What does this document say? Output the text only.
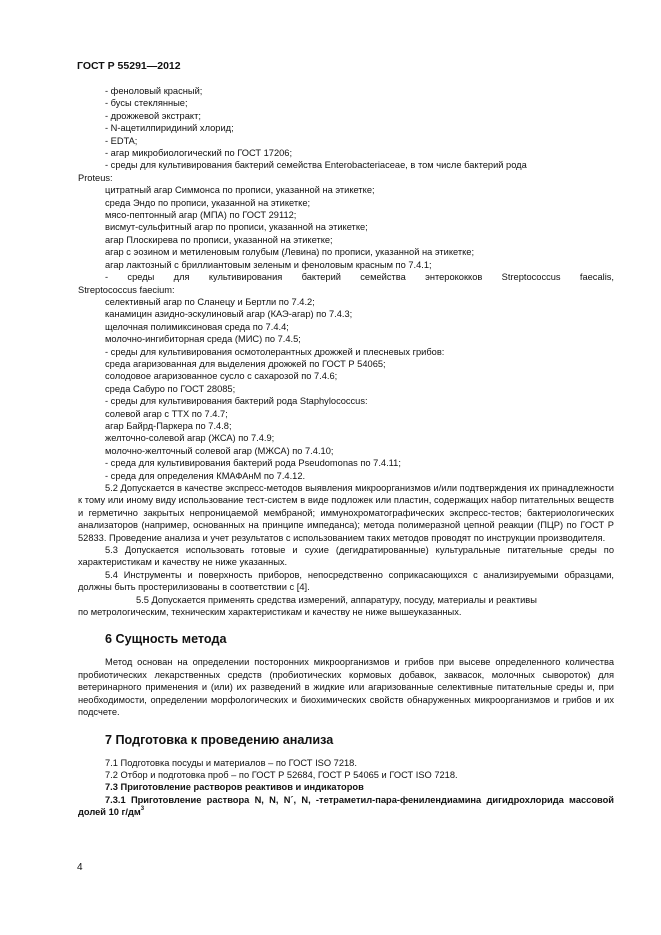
ГОСТ Р 55291—2012
- феноловый красный;
- бусы стеклянные;
- дрожжевой экстракт;
- N-ацетилпиридиний хлорид;
- EDTA;
- агар микробиологический по ГОСТ 17206;
- среды для культивирования бактерий семейства Enterobacteriaceae, в том числе бактерий рода
Proteus:
цитратный агар Симмонса по прописи, указанной на этикетке;
среда Эндо по прописи, указанной на этикетке;
мясо-пептонный агар (МПА) по ГОСТ 29112;
висмут-сульфитный агар по прописи, указанной на этикетке;
агар Плоскирева по прописи, указанной на этикетке;
агар с эозином и метиленовым голубым (Левина) по прописи, указанной на этикетке;
агар лактозный с бриллиантовым зеленым и феноловым красным по 7.4.1;
- среды для культивирования бактерий семейства энтерококков Streptococcus faecalis,
Streptococcus faecium:
селективный агар по Сланецу и Бертли по 7.4.2;
канамицин азидно-эскулиновый агар (КАЭ-агар) по 7.4.3;
щелочная полимиксиновая среда по 7.4.4;
молочно-ингибиторная среда (МИС) по 7.4.5;
- среды для культивирования осмотолерантных дрожжей и плесневых грибов:
среда агаризованная для выделения дрожжей по ГОСТ Р 54065;
солодовое агаризованное сусло с сахарозой по 7.4.6;
среда Сабуро по ГОСТ 28085;
- среды для культивирования бактерий рода Staphylococcus:
солевой агар с ТТХ по 7.4.7;
агар Байрд-Паркера по 7.4.8;
желточно-солевой агар (ЖСА) по 7.4.9;
молочно-желточный солевой агар (МЖСА) по 7.4.10;
- среда для культивирования бактерий рода Pseudomonas по 7.4.11;
- среда для определения КМАФАнМ по 7.4.12.
5.2 Допускается в качестве экспресс-методов выявления микроорганизмов и/или подтверждения их принадлежности к тому или иному виду использование тест-систем в виде подложек или пластин, содержащих набор питательных веществ и герметично закрытых непроницаемой мембраной; иммунохроматографических экспресс-тестов; бактериологических анализаторов (например, основанных на принципе импеданса); метода полимеразной цепной реакции (ПЦР) по ГОСТ Р 52833. Проведение анализа и учет результатов с использованием таких методов проводят по инструкции производителя.
5.3 Допускается использовать готовые и сухие (дегидратированные) культуральные питательные среды по характеристикам и качеству не ниже указанных.
5.4 Инструменты и поверхность приборов, непосредственно соприкасающихся с анализируемыми образцами, должны быть простерилизованы в соответствии с [4].
5.5 Допускается применять средства измерений, аппаратуру, посуду, материалы и реактивы
по метрологическим, техническим характеристикам и качеству не ниже вышеуказанных.
6 Сущность метода
Метод основан на определении посторонних микроорганизмов и грибов при высеве определенного количества пробиотических лекарственных средств (пробиотических кормовых добавок, заквасок, молочных сывороток) для ветеринарного применения и (или) их разведений в жидкие или агаризованные селективные питательные среды и, при необходимости, определении морфологических и биохимических свойств обнаруженных микроорганизмов и грибов и их подсчете.
7 Подготовка к проведению анализа
7.1 Подготовка посуды и материалов – по ГОСТ ISO 7218.
7.2 Отбор и подготовка проб – по ГОСТ Р 52684, ГОСТ Р 54065 и ГОСТ ISO 7218.
7.3 Приготовление растворов реактивов и индикаторов
7.3.1 Приготовление раствора N, N, N´, N, -тетраметил-пара-фенилендиамина дигидрохлорида массовой долей 10 $г/дм^3$
4
